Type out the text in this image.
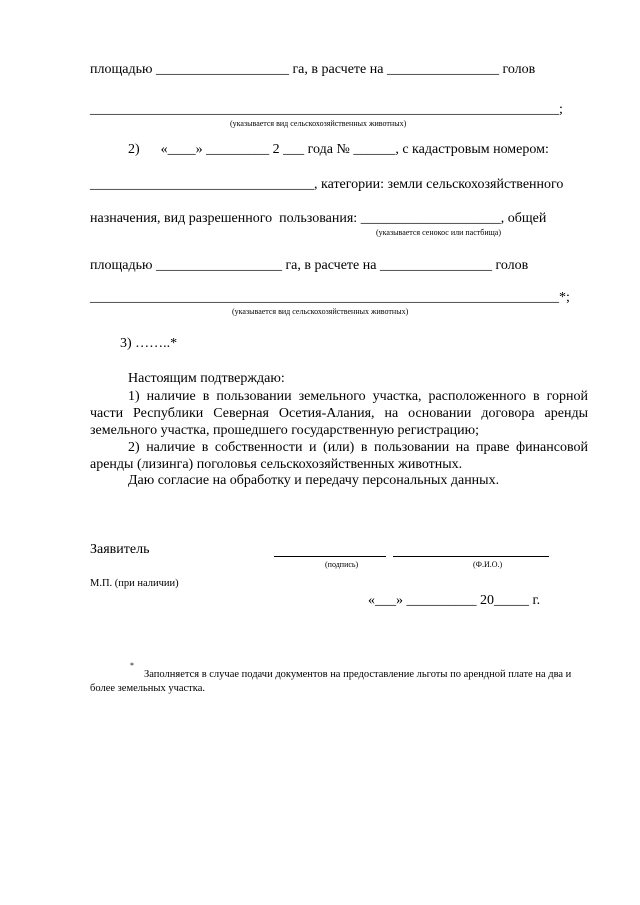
площадью ___________________ га, в расчете на ________________ голов
___________________________________________________________________;
(указывается вид сельскохозяйственных животных)
2)      «____» _________ 2 ___ года № ______, с кадастровым номером:
________________________________, категории: земли сельскохозяйственного
назначения, вид разрешенного  пользования: ____________________, общей
(указывается сенокос или пастбища)
площадью __________________ га, в расчете на ________________ голов
___________________________________________________________________*;
(указывается вид сельскохозяйственных животных)
3) ……..*
Настоящим подтверждаю:
1) наличие в пользовании земельного участка, расположенного в горной части Республики Северная Осетия-Алания, на основании договора аренды земельного участка, прошедшего государственную регистрацию;
2) наличие в собственности и (или) в пользовании на праве финансовой аренды (лизинга) поголовья сельскохозяйственных животных.
Даю согласие на обработку и передачу персональных данных.
Заявитель
(подпись)	(Ф.И.О.)
М.П. (при наличии)
«___» __________ 20_____ г.
*
Заполняется в случае подачи документов на предоставление льготы по арендной плате на два и более земельных участка.
